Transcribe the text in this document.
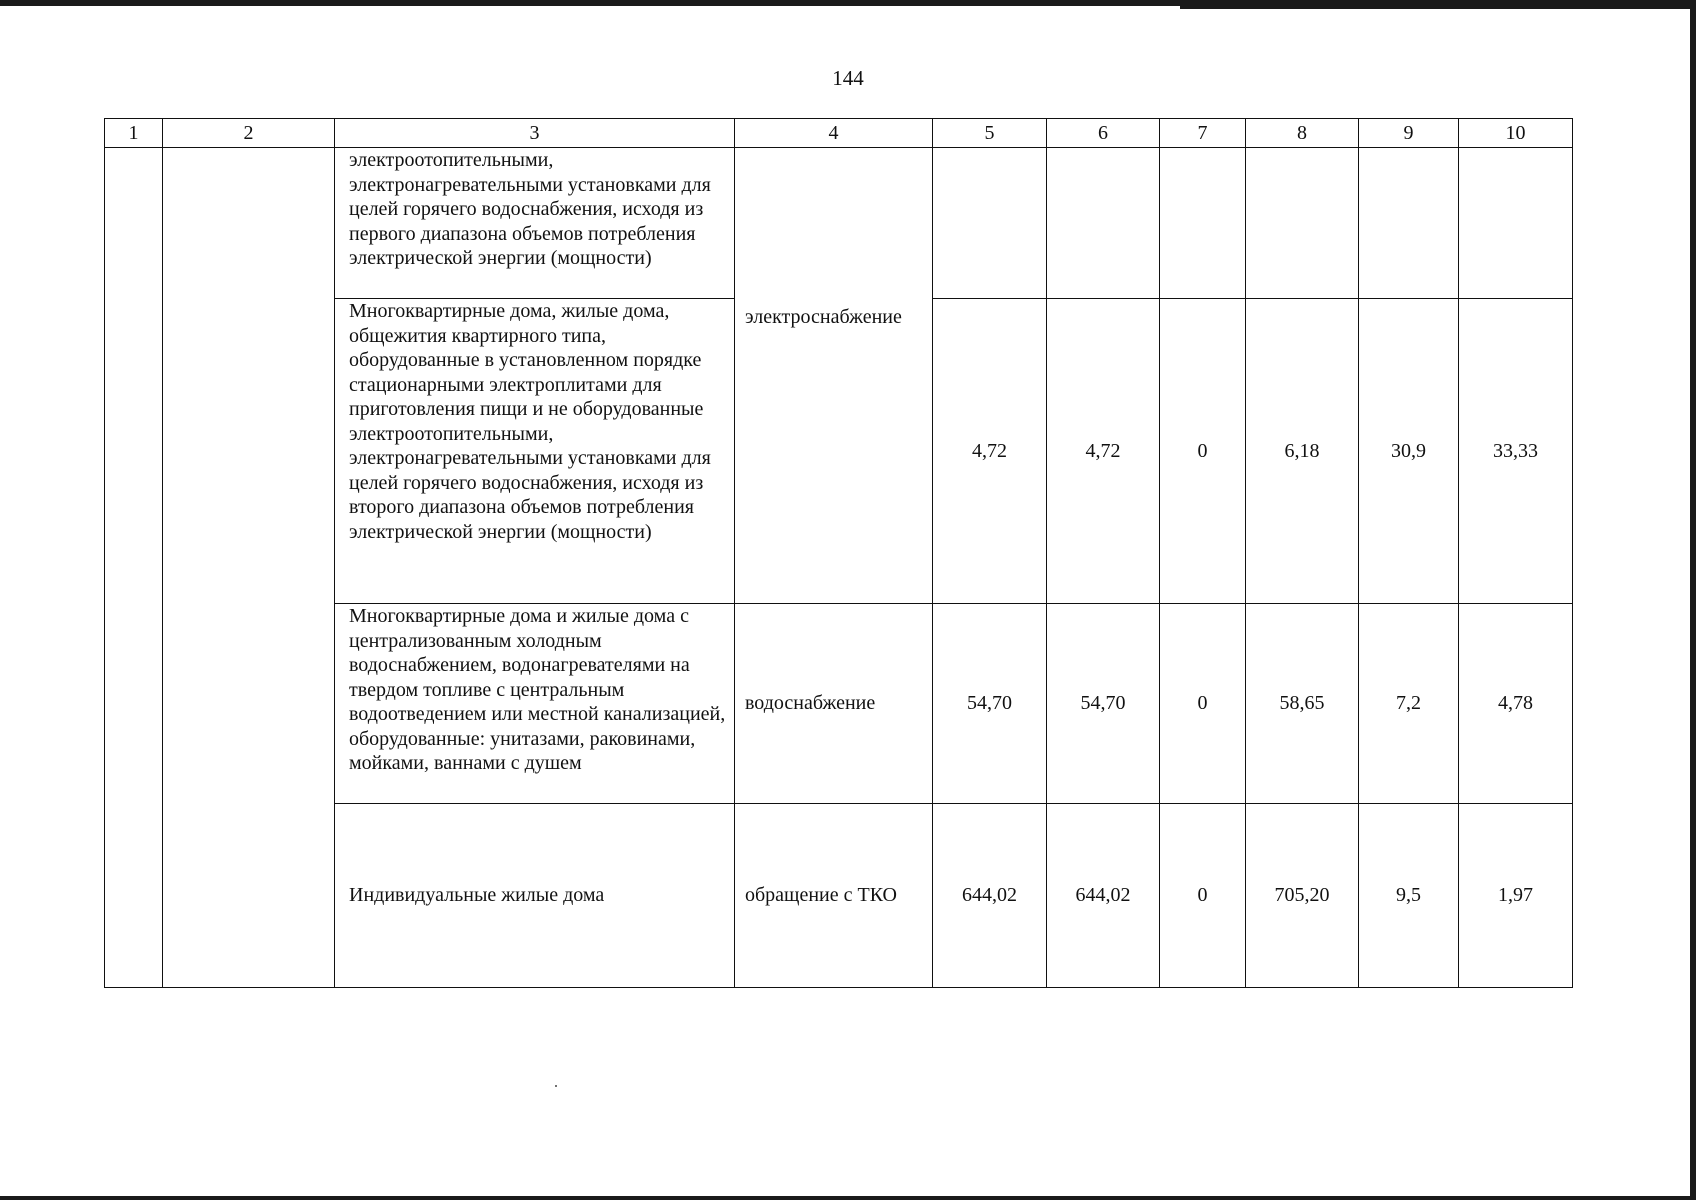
144
1	2	3	4	5	6	7	8	9	10
		электроотопительными, электронагревательными установками для целей горячего водоснабжения, исходя из первого диапазона объемов потребления электрической энергии (мощности)	электроснабжение						

		Многоквартирные дома, жилые дома, общежития квартирного типа, оборудованные в установленном порядке стационарными электроплитами для приготовления пищи и не оборудованные электроотопительными, электронагревательными установками для целей горячего водоснабжения, исходя из второго диапазона объемов потребления электрической энергии (мощности)		4,72	4,72	0	6,18	30,9	33,33
		Многоквартирные дома и жилые дома с централизованным холодным водоснабжением, водонагревателями на твердом топливе с центральным водоотведением или местной канализацией, оборудованные: унитазами, раковинами, мойками, ваннами с душем	водоснабжение	54,70	54,70	0	58,65	7,2	4,78
		Индивидуальные жилые дома	обращение с ТКО	644,02	644,02	0	705,20	9,5	1,97
